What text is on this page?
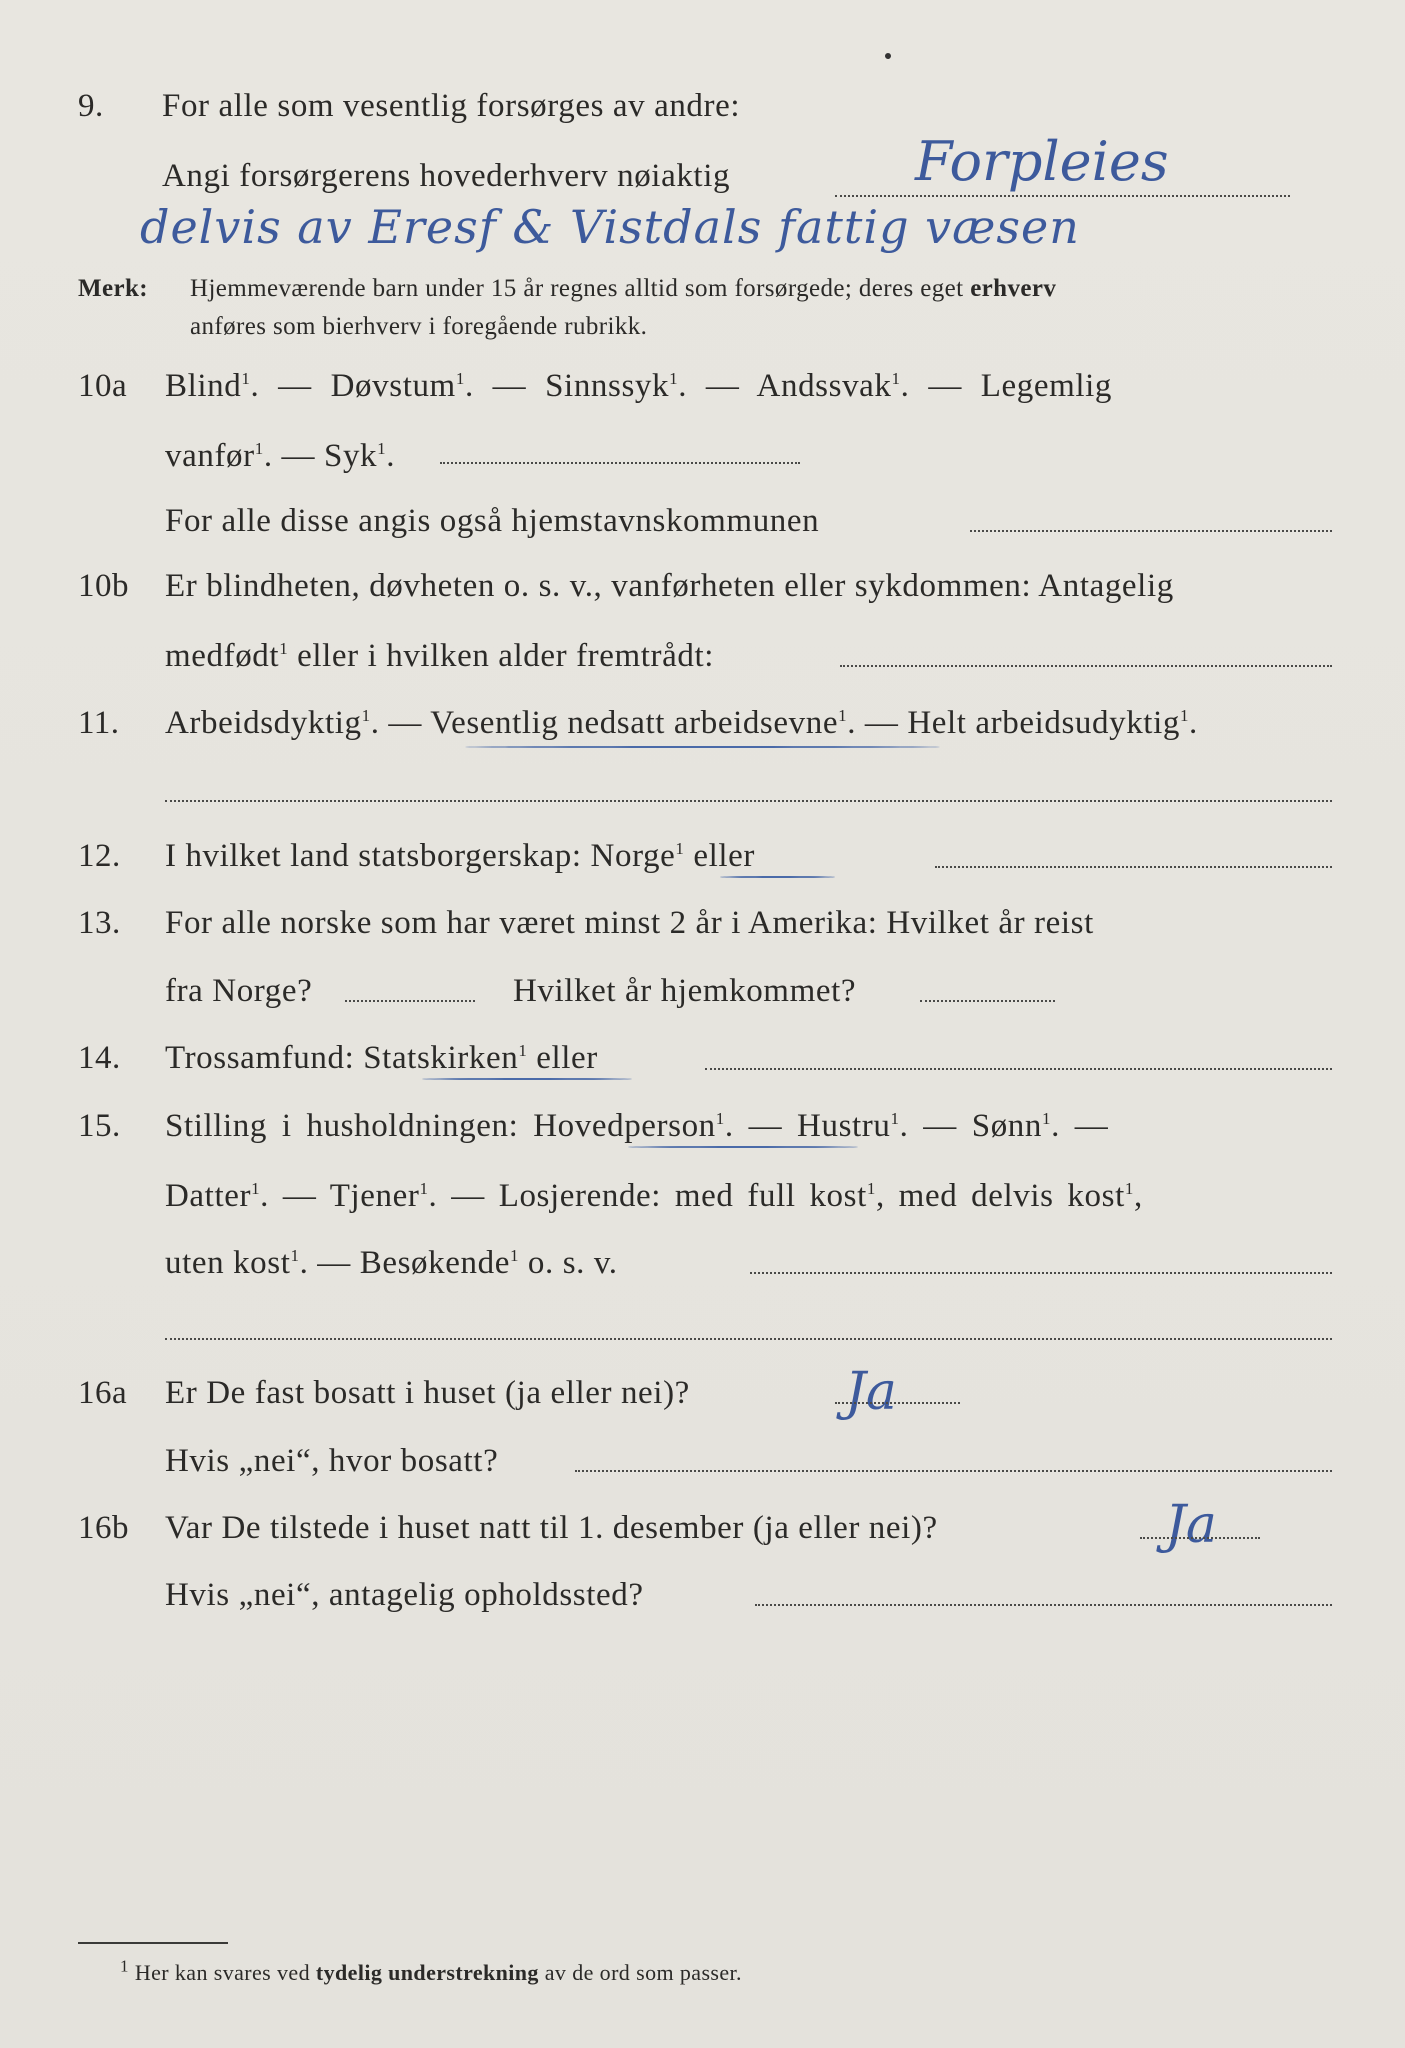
9.	For alle som vesentlig forsørges av andre:
Angi forsørgerens hovederhverv nøiaktig	Forpleies
delvis av Eresf & Vistdals fattig væsen
Merk: Hjemmeværende barn under 15 år regnes alltid som forsørgede; deres eget erhverv
anføres som bierhverv i foregående rubrikk.
10a	Blind$^1$. — Døvstum$^1$. — Sinnssyk$^1$. — Andssvak$^1$. — Legemlig
vanfør$^1$. — Syk$^1$.
For alle disse angis også hjemstavnskommunen
10b	Er blindheten, døvheten o. s. v., vanførheten eller sykdommen: Antagelig
medfødt$^1$ eller i hvilken alder fremtrådt:
11.	Arbeidsdyktig$^1$. — Vesentlig nedsatt arbeidsevne$^1$. — Helt arbeidsudyktig$^1$.
12.	I hvilket land statsborgerskap: Norge$^1$ eller
13.	For alle norske som har været minst 2 år i Amerika: Hvilket år reist
fra Norge?	Hvilket år hjemkommet?
14.	Trossamfund: Statskirken$^1$ eller
15.	Stilling i husholdningen: Hovedperson$^1$. — Hustru$^1$. — Sønn$^1$. —
Datter$^1$. — Tjener$^1$. — Losjerende: med full kost$^1$, med delvis kost$^1$,
uten kost$^1$. — Besøkende$^1$ o. s. v.
16a	Er De fast bosatt i huset (ja eller nei)?	Ja
Hvis „nei“, hvor bosatt?
16b	Var De tilstede i huset natt til 1. desember (ja eller nei)?	Ja
Hvis „nei“, antagelig opholdssted?
$^1$ Her kan svares ved tydelig understrekning av de ord som passer.
